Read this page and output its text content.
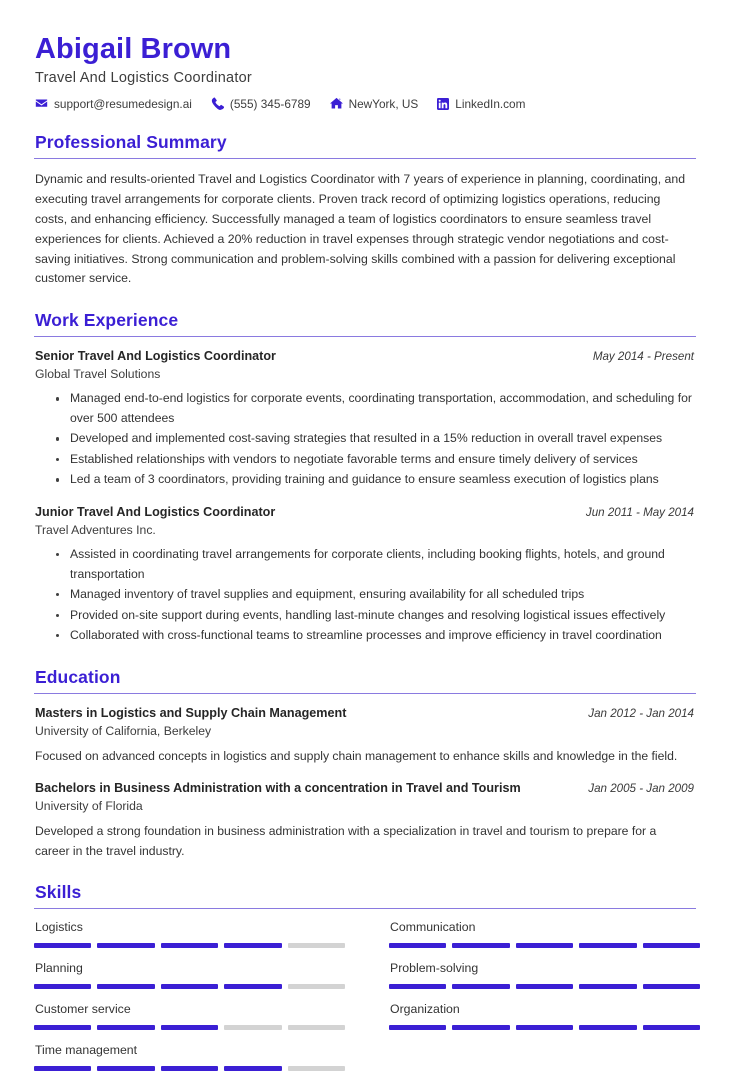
Abigail Brown
Travel And Logistics Coordinator
support@resumedesign.ai	(555) 345-6789	NewYork, US	LinkedIn.com
Professional Summary

Dynamic and results-oriented Travel and Logistics Coordinator with 7 years of experience in planning, coordinating, and executing travel arrangements for corporate clients. Proven track record of optimizing logistics operations, reducing costs, and enhancing efficiency. Successfully managed a team of logistics coordinators to ensure seamless travel experiences for clients. Achieved a 20% reduction in travel expenses through strategic vendor negotiations and cost-saving initiatives. Strong communication and problem-solving skills combined with a passion for delivering exceptional customer service.

Work Experience
Senior Travel And Logistics Coordinator	May 2014 - Present
Global Travel Solutions
Managed end-to-end logistics for corporate events, coordinating transportation, accommodation, and scheduling for over 500 attendees
Developed and implemented cost-saving strategies that resulted in a 15% reduction in overall travel expenses
Established relationships with vendors to negotiate favorable terms and ensure timely delivery of services
Led a team of 3 coordinators, providing training and guidance to ensure seamless execution of logistics plans
Junior Travel And Logistics Coordinator	Jun 2011 - May 2014
Travel Adventures Inc.
Assisted in coordinating travel arrangements for corporate clients, including booking flights, hotels, and ground transportation
Managed inventory of travel supplies and equipment, ensuring availability for all scheduled trips
Provided on-site support during events, handling last-minute changes and resolving logistical issues effectively
Collaborated with cross-functional teams to streamline processes and improve efficiency in travel coordination
Education
Masters in Logistics and Supply Chain Management	Jan 2012 - Jan 2014
University of California, Berkeley

Focused on advanced concepts in logistics and supply chain management to enhance skills and knowledge in the field.

Bachelors in Business Administration with a concentration in Travel and Tourism	Jan 2005 - Jan 2009
University of Florida

Developed a strong foundation in business administration with a specialization in travel and tourism to prepare for a career in the travel industry.

Skills
Logistics	Communication
Planning	Problem-solving
Customer service	Organization
Time management
